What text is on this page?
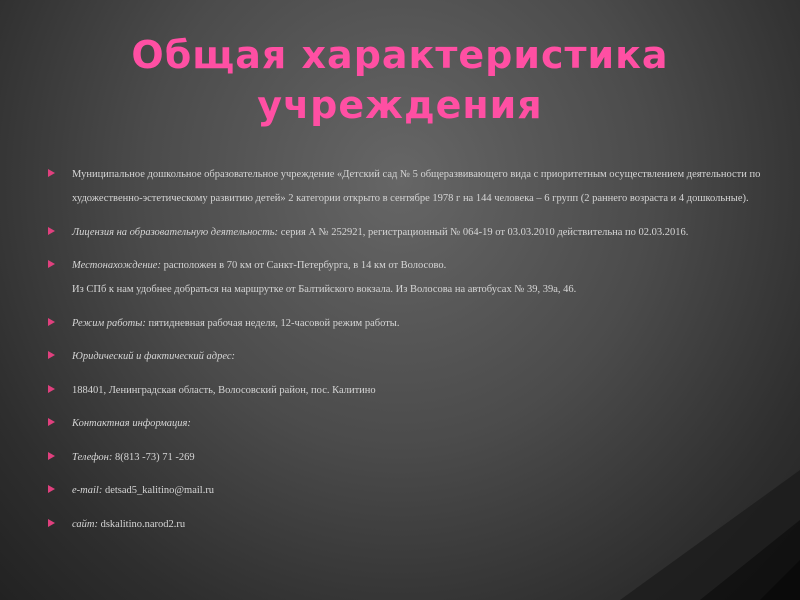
Общая характеристика
учреждения
Муниципальное дошкольное образовательное учреждение «Детский сад № 5 общеразвивающего вида с приоритетным осуществлением деятельности по художественно-эстетическому развитию детей» 2 категории открыто в сентябре 1978 г на 144 человека – 6 групп (2 раннего возраста и 4 дошкольные).
Лицензия на образовательную деятельность: серия А № 252921, регистрационный № 064-19 от 03.03.2010 действительна по 02.03.2016.

Местонахождение: расположен в 70 км от Санкт-Петербурга, в 14 км от Волосово.

Из СПб к нам удобнее добраться на маршрутке от Балтийского вокзала. Из Волосова на автобусах № 39, 39а, 46.

Режим работы: пятидневная рабочая неделя, 12-часовой режим работы.
Юридический и фактический адрес:
188401, Ленинградская область, Волосовский район, пос. Калитино
Контактная информация:
Телефон: 8(813 -73) 71 -269
e-mail: detsad5_kalitino@mail.ru
сайт: dskalitino.narod2.ru
